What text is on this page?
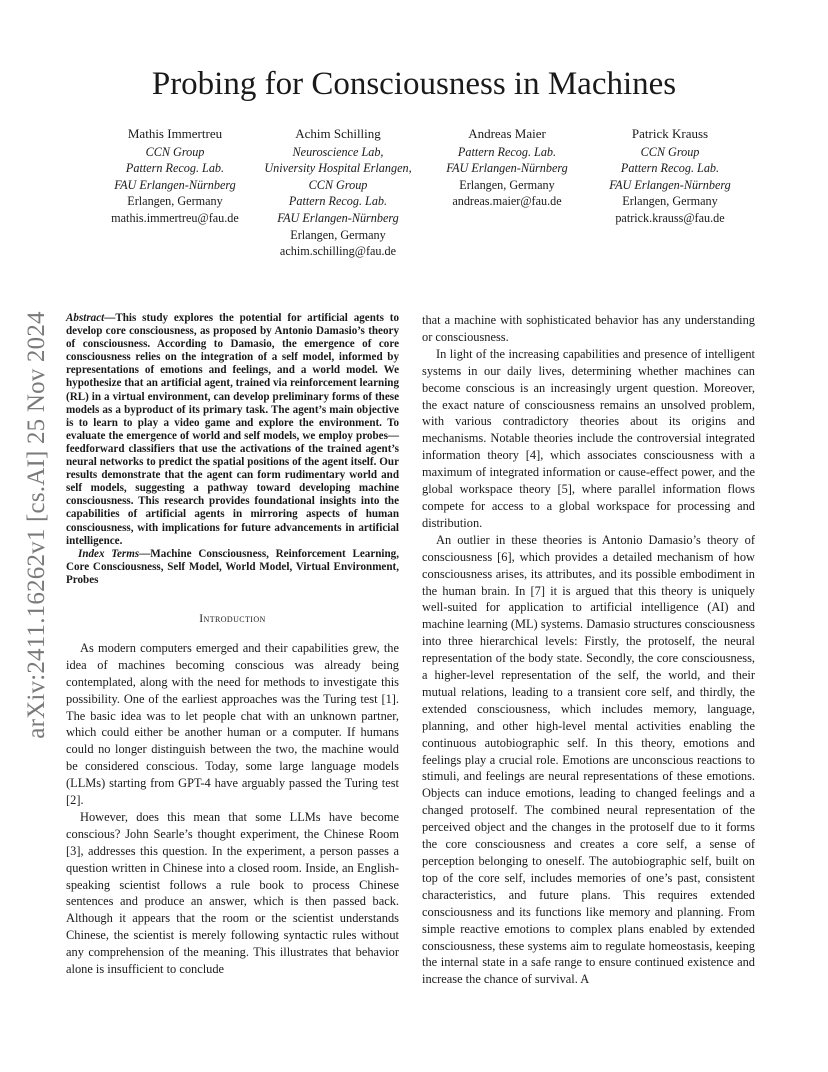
arXiv:2411.16262v1 [cs.AI] 25 Nov 2024
Probing for Consciousness in Machines
Mathis Immertreu
CCN Group
Pattern Recog. Lab.
FAU Erlangen-Nürnberg
Erlangen, Germany
mathis.immertreu@fau.de
Achim Schilling
Neuroscience Lab,
University Hospital Erlangen,
CCN Group
Pattern Recog. Lab.
FAU Erlangen-Nürnberg
Erlangen, Germany
achim.schilling@fau.de
Andreas Maier
Pattern Recog. Lab.
FAU Erlangen-Nürnberg
Erlangen, Germany
andreas.maier@fau.de
Patrick Krauss
CCN Group
Pattern Recog. Lab.
FAU Erlangen-Nürnberg
Erlangen, Germany
patrick.krauss@fau.de

Abstract—This study explores the potential for artificial agents to develop core consciousness, as proposed by Antonio Damasio’s theory of consciousness. According to Damasio, the emergence of core consciousness relies on the integration of a self model, informed by representations of emotions and feelings, and a world model. We hypothesize that an artificial agent, trained via reinforcement learning (RL) in a virtual environment, can develop preliminary forms of these models as a byproduct of its primary task. The agent’s main objective is to learn to play a video game and explore the environment. To evaluate the emergence of world and self models, we employ probes—feedforward classifiers that use the activations of the trained agent’s neural networks to predict the spatial positions of the agent itself. Our results demonstrate that the agent can form rudimentary world and self models, suggesting a pathway toward developing machine consciousness. This research provides foundational insights into the capabilities of artificial agents in mirroring aspects of human consciousness, with implications for future advancements in artificial intelligence.

Index Terms—Machine Consciousness, Reinforcement Learning, Core Consciousness, Self Model, World Model, Virtual Environment, Probes

Introduction

As modern computers emerged and their capabilities grew, the idea of machines becoming conscious was already being contemplated, along with the need for methods to investigate this possibility. One of the earliest approaches was the Turing test [1]. The basic idea was to let people chat with an unknown partner, which could either be another human or a computer. If humans could no longer distinguish between the two, the machine would be considered conscious. Today, some large language models (LLMs) starting from GPT-4 have arguably passed the Turing test [2].

However, does this mean that some LLMs have become conscious? John Searle’s thought experiment, the Chinese Room [3], addresses this question. In the experiment, a person passes a question written in Chinese into a closed room. Inside, an English-speaking scientist follows a rule book to process Chinese sentences and produce an answer, which is then passed back. Although it appears that the room or the scientist understands Chinese, the scientist is merely following syntactic rules without any comprehension of the meaning. This illustrates that behavior alone is insufficient to conclude

that a machine with sophisticated behavior has any understanding or consciousness.

In light of the increasing capabilities and presence of intelligent systems in our daily lives, determining whether machines can become conscious is an increasingly urgent question. Moreover, the exact nature of consciousness remains an unsolved problem, with various contradictory theories about its origins and mechanisms. Notable theories include the controversial integrated information theory [4], which associates consciousness with a maximum of integrated information or cause-effect power, and the global workspace theory [5], where parallel information flows compete for access to a global workspace for processing and distribution.

An outlier in these theories is Antonio Damasio’s theory of consciousness [6], which provides a detailed mechanism of how consciousness arises, its attributes, and its possible embodiment in the human brain. In [7] it is argued that this theory is uniquely well-suited for application to artificial intelligence (AI) and machine learning (ML) systems. Damasio structures consciousness into three hierarchical levels: Firstly, the protoself, the neural representation of the body state. Secondly, the core consciousness, a higher-level representation of the self, the world, and their mutual relations, leading to a transient core self, and thirdly, the extended consciousness, which includes memory, language, planning, and other high-level mental activities enabling the continuous autobiographic self. In this theory, emotions and feelings play a crucial role. Emotions are unconscious reactions to stimuli, and feelings are neural representations of these emotions. Objects can induce emotions, leading to changed feelings and a changed protoself. The combined neural representation of the perceived object and the changes in the protoself due to it forms the core consciousness and creates a core self, a sense of perception belonging to oneself. The autobiographic self, built on top of the core self, includes memories of one’s past, consistent characteristics, and future plans. This requires extended consciousness and its functions like memory and planning. From simple reactive emotions to complex plans enabled by extended consciousness, these systems aim to regulate homeostasis, keeping the internal state in a safe range to ensure continued existence and increase the chance of survival. A
